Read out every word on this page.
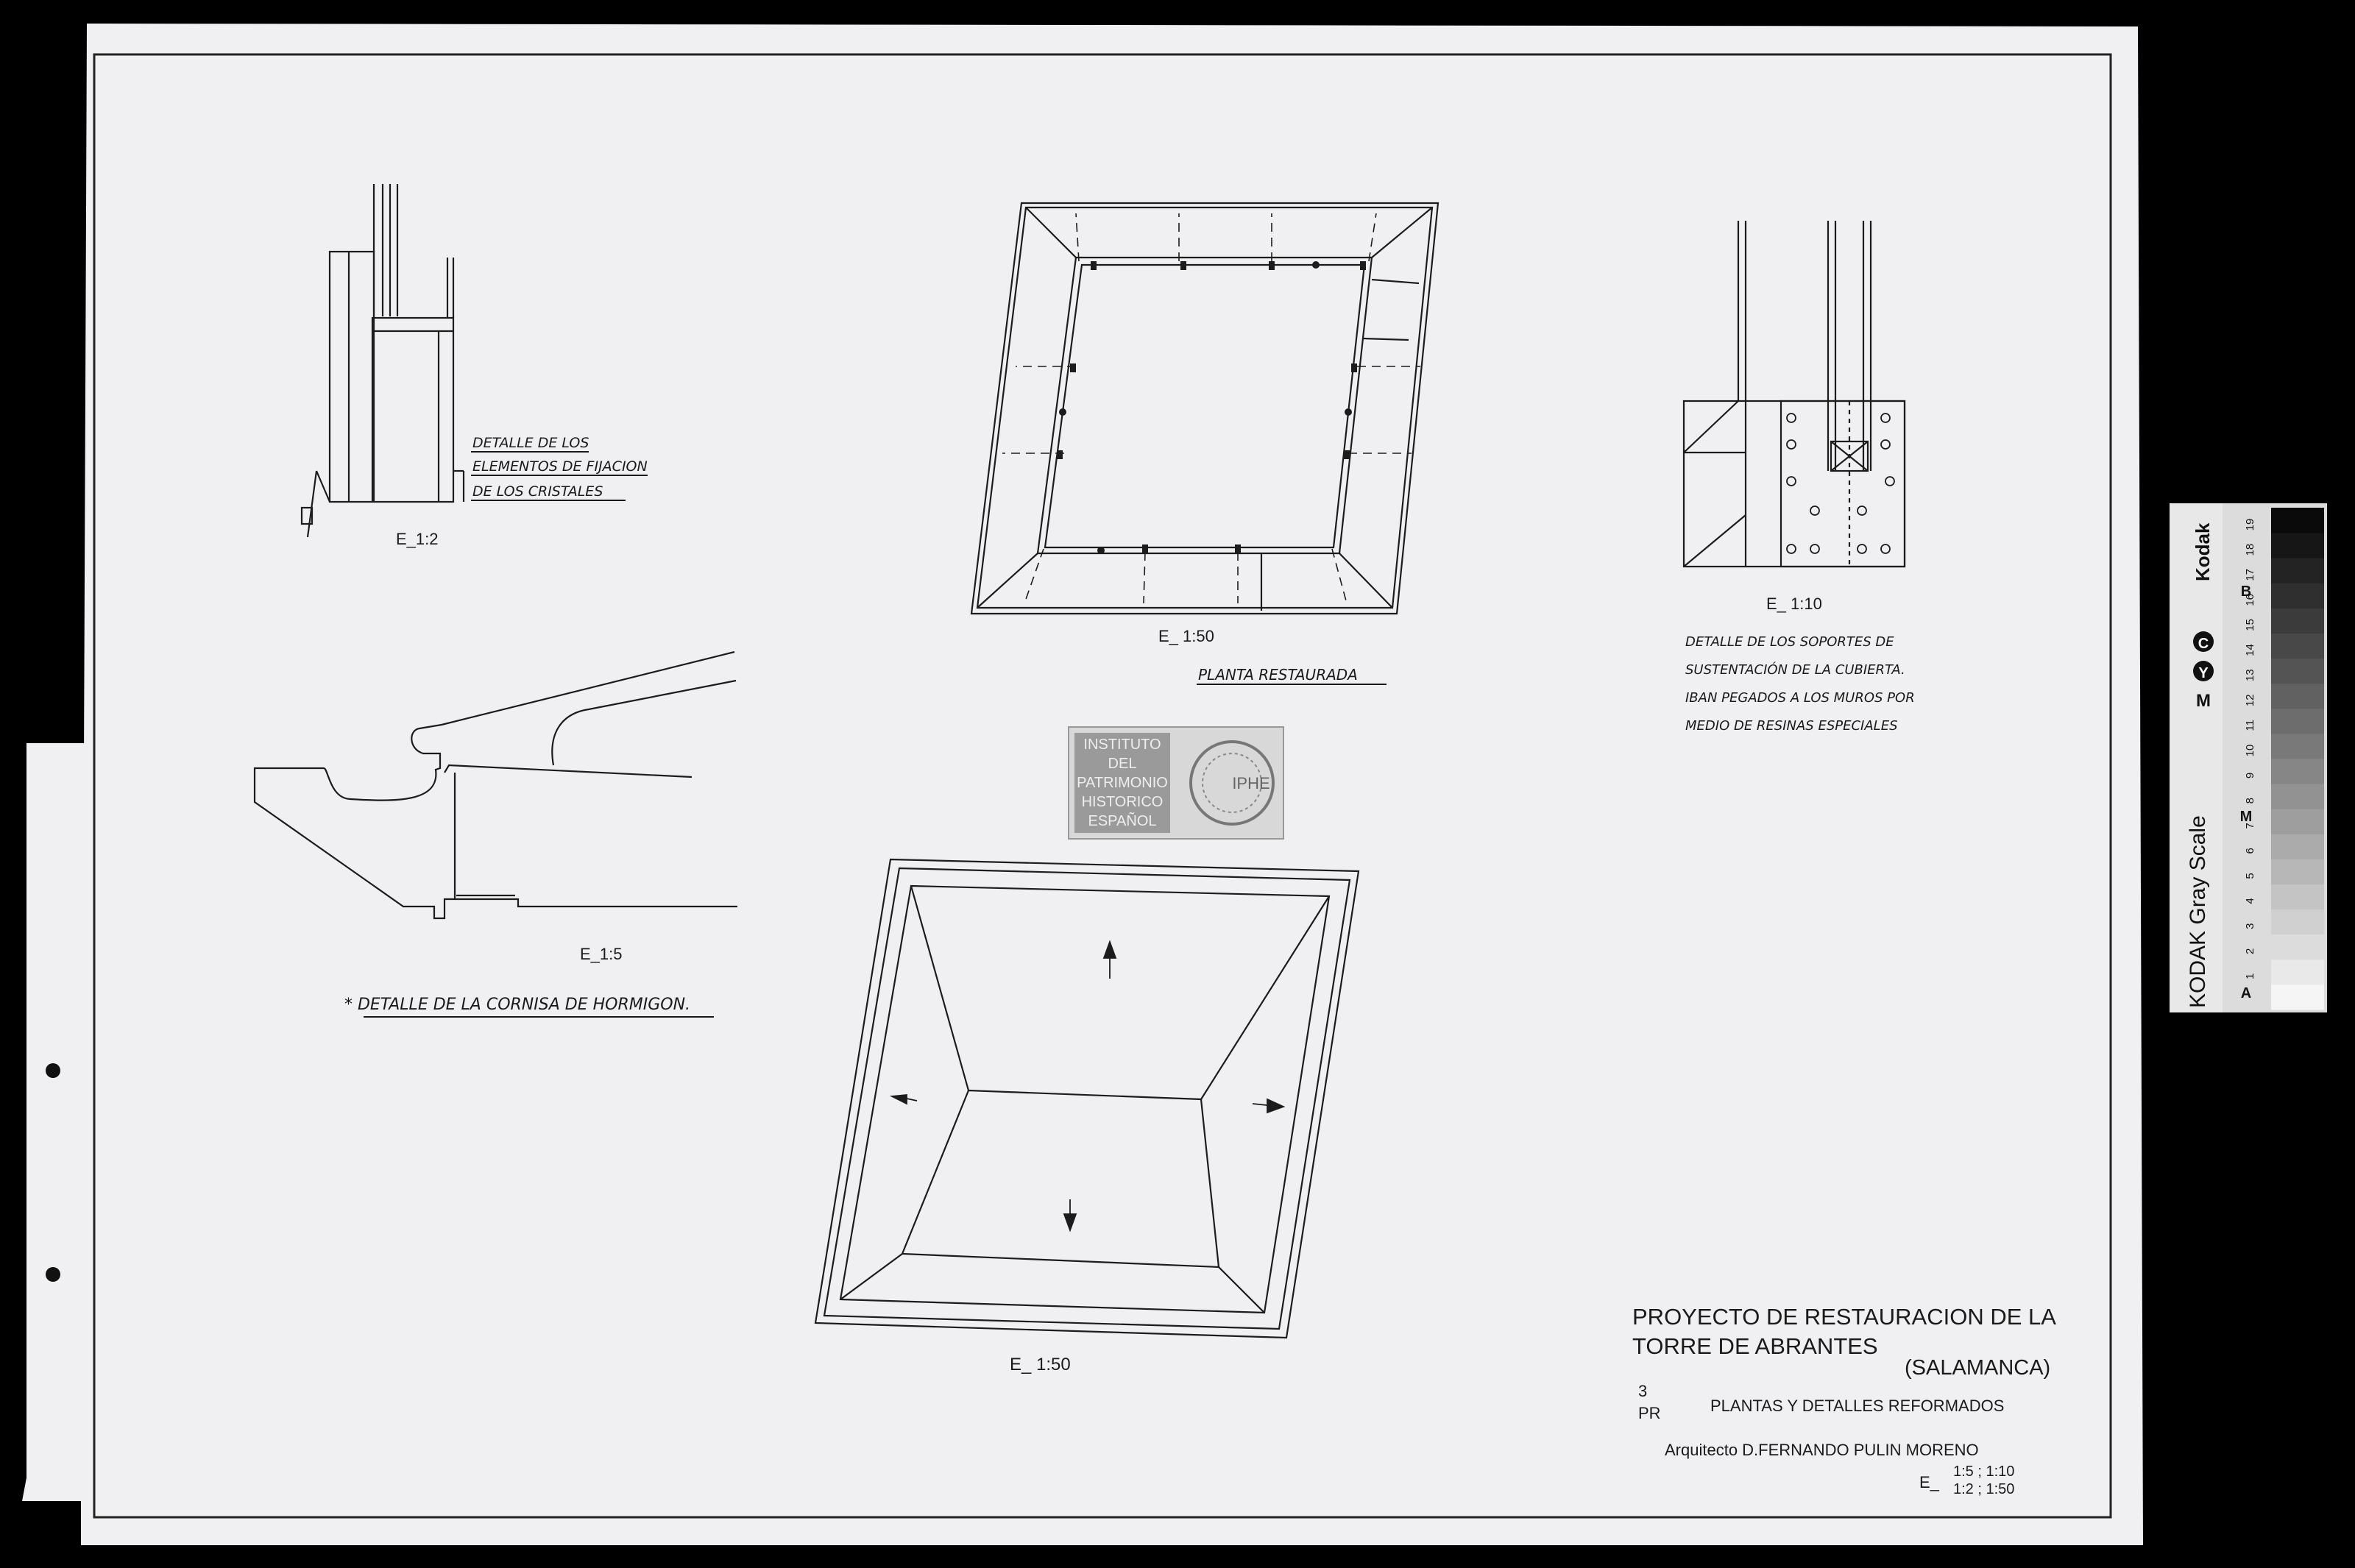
DETALLE DE LOS
ELEMENTOS DE FIJACION
DE LOS CRISTALES
E_1:2
E_ 1:50
PLANTA RESTAURADA
E_ 1:10
DETALLE DE LOS SOPORTES DE
SUSTENTACIÓN DE LA CUBIERTA.
IBAN PEGADOS A LOS MUROS POR
MEDIO DE RESINAS ESPECIALES
E_1:5
* DETALLE DE LA CORNISA DE HORMIGON.
E_ 1:50
INSTITUTO
DEL
PATRIMONIO
HISTORICO
ESPAÑOL
IPHE
PROYECTO DE RESTAURACION DE LA
TORRE DE ABRANTES
(SALAMANCA)
3
PR	PLANTAS Y DETALLES REFORMADOS
Arquitecto D.FERNANDO PULIN MORENO
E_
1:5 ; 1:10
1:2 ; 1:50
1
2
3
4
5
6
7
8
9
10
11
12
13
14
15
16
17
18
19
KODAK Gray Scale
Kodak
C
Y
M
A
B
M
